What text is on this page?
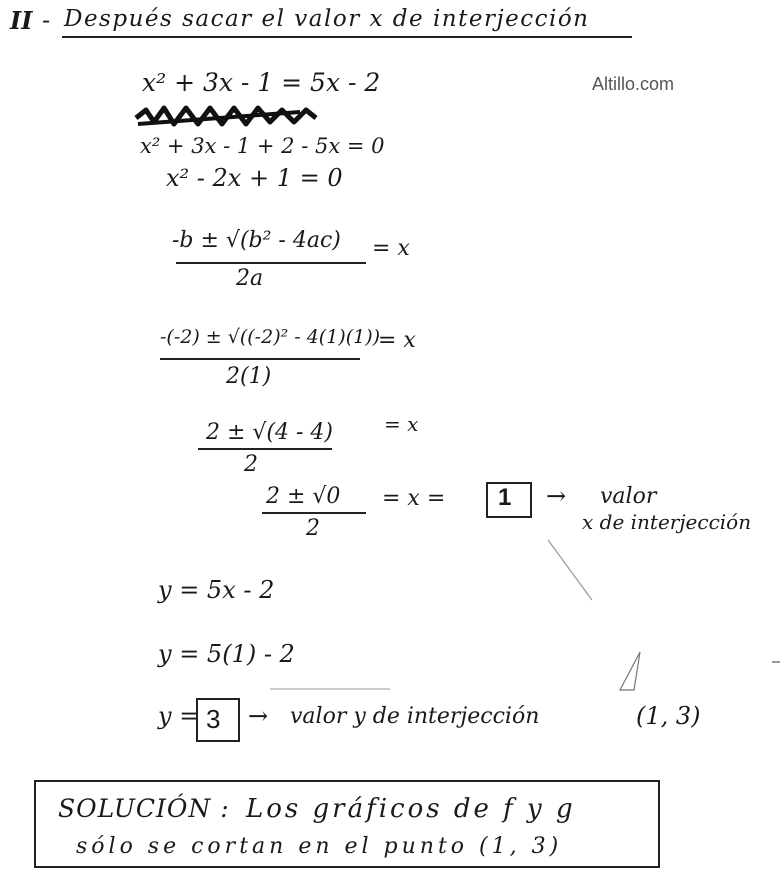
II - Después sacar el valor x de interjección
Altillo.com
x² + 3x - 1 = 5x - 2
x² + 3x - 1 + 2 - 5x = 0
x² - 2x + 1 = 0
-b ± √(b² - 4ac)
2a
= x
-(-2) ± √((-2)² - 4(1)(1))
2(1)
= x
2 ± √(4 - 4)
2
= x
2 ± √0
2
= x = 1 → valor
x de interjección
y = 5x - 2
y = 5(1) - 2
y = 3 → valor y de interjección	(1, 3)
SOLUCIÓN : Los gráficos de f y g
sólo se cortan en el punto (1, 3)
